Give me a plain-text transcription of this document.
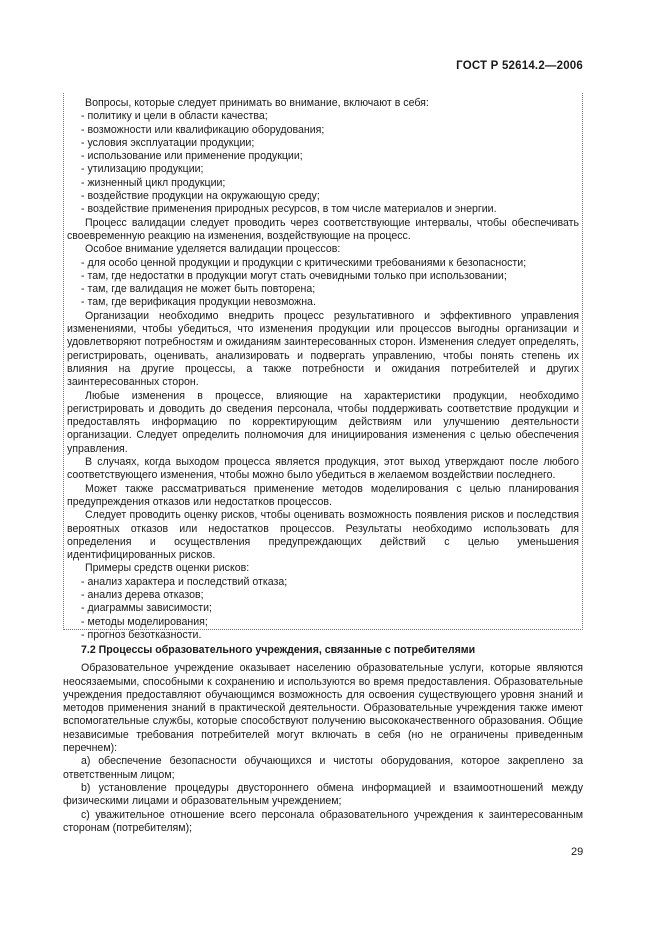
ГОСТ Р 52614.2—2006

Вопросы, которые следует принимать во внимание, включают в себя:

- политику и цели в области качества;

- возможности или квалификацию оборудования;

- условия эксплуатации продукции;

- использование или применение продукции;

- утилизацию продукции;

- жизненный цикл продукции;

- воздействие продукции на окружающую среду;

- воздействие применения природных ресурсов, в том числе материалов и энергии.

Процесс валидации следует проводить через соответствующие интервалы, чтобы обеспечивать своевременную реакцию на изменения, воздействующие на процесс.

Особое внимание уделяется валидации процессов:

- для особо ценной продукции и продукции с критическими требованиями к безопасности;

- там, где недостатки в продукции могут стать очевидными только при использовании;

- там, где валидация не может быть повторена;

- там, где верификация продукции невозможна.

Организации необходимо внедрить процесс результативного и эффективного управления изменениями, чтобы убедиться, что изменения продукции или процессов выгодны организации и удовлетворяют потребностям и ожиданиям заинтересованных сторон. Изменения следует определять, регистрировать, оценивать, анализировать и подвергать управлению, чтобы понять степень их влияния на другие процессы, а также потребности и ожидания потребителей и других заинтересованных сторон.

Любые изменения в процессе, влияющие на характеристики продукции, необходимо регистрировать и доводить до сведения персонала, чтобы поддерживать соответствие продукции и предоставлять информацию по корректирующим действиям или улучшению деятельности организации. Следует определить полномочия для инициирования изменения с целью обеспечения управления.

В случаях, когда выходом процесса является продукция, этот выход утверждают после любого соответствующего изменения, чтобы можно было убедиться в желаемом воздействии последнего.

Может также рассматриваться применение методов моделирования с целью планирования предупреждения отказов или недостатков процессов.

Следует проводить оценку рисков, чтобы оценивать возможность появления рисков и последствия вероятных отказов или недостатков процессов. Результаты необходимо использовать для определения и осуществления предупреждающих действий с целью уменьшения идентифицированных рисков.

Примеры средств оценки рисков:

- анализ характера и последствий отказа;

- анализ дерева отказов;

- диаграммы зависимости;

- методы моделирования;

- прогноз безотказности.

7.2 Процессы образовательного учреждения, связанные с потребителями

Образовательное учреждение оказывает населению образовательные услуги, которые являются неосязаемыми, способными к сохранению и используются во время предоставления. Образовательные учреждения предоставляют обучающимся возможность для освоения существующего уровня знаний и методов применения знаний в практической деятельности. Образовательные учреждения также имеют вспомогательные службы, которые способствуют получению высококачественного образования. Общие независимые требования потребителей могут включать в себя (но не ограничены приведенным перечнем):

а) обеспечение безопасности обучающихся и чистоты оборудования, которое закреплено за ответственным лицом;

b) установление процедуры двустороннего обмена информацией и взаимоотношений между физическими лицами и образовательным учреждением;

c) уважительное отношение всего персонала образовательного учреждения к заинтересованным сторонам (потребителям);

29
